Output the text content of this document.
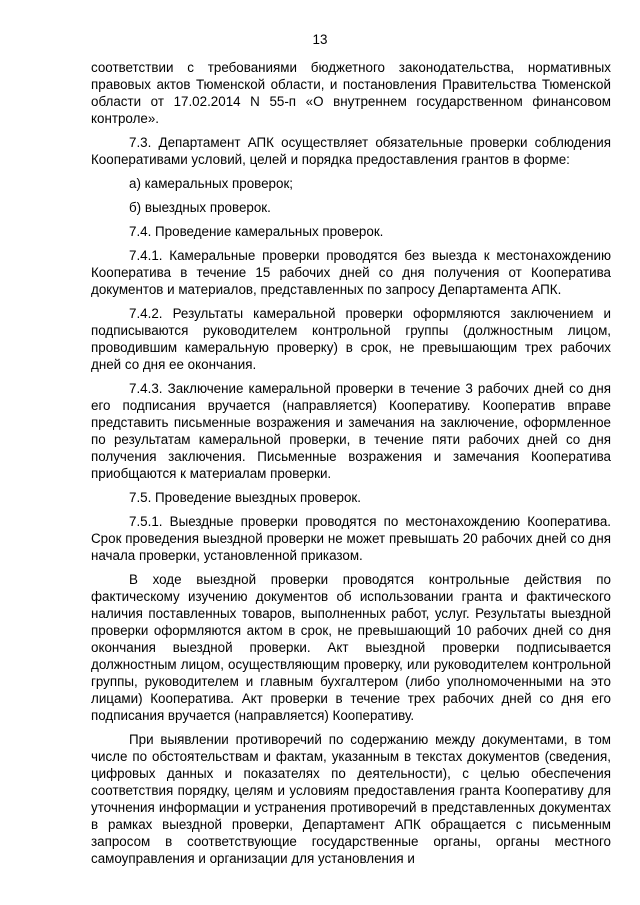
13

соответствии с требованиями бюджетного законодательства, нормативных правовых актов Тюменской области, и постановления Правительства Тюменской области от 17.02.2014 N 55-п «О внутреннем государственном финансовом контроле».

7.3. Департамент АПК осуществляет обязательные проверки соблюдения Кооперативами условий, целей и порядка предоставления грантов в форме:

а) камеральных проверок;

б) выездных проверок.

7.4. Проведение камеральных проверок.

7.4.1. Камеральные проверки проводятся без выезда к местонахождению Кооператива в течение 15 рабочих дней со дня получения от Кооператива документов и материалов, представленных по запросу Департамента АПК.

7.4.2. Результаты камеральной проверки оформляются заключением и подписываются руководителем контрольной группы (должностным лицом, проводившим камеральную проверку) в срок, не превышающим трех рабочих дней со дня ее окончания.

7.4.3. Заключение камеральной проверки в течение 3 рабочих дней со дня его подписания вручается (направляется) Кооперативу. Кооператив вправе представить письменные возражения и замечания на заключение, оформленное по результатам камеральной проверки, в течение пяти рабочих дней со дня получения заключения. Письменные возражения и замечания Кооператива приобщаются к материалам проверки.

7.5. Проведение выездных проверок.

7.5.1. Выездные проверки проводятся по местонахождению Кооператива. Срок проведения выездной проверки не может превышать 20 рабочих дней со дня начала проверки, установленной приказом.

В ходе выездной проверки проводятся контрольные действия по фактическому изучению документов об использовании гранта и фактического наличия поставленных товаров, выполненных работ, услуг. Результаты выездной проверки оформляются актом в срок, не превышающий 10 рабочих дней со дня окончания выездной проверки. Акт выездной проверки подписывается должностным лицом, осуществляющим проверку, или руководителем контрольной группы, руководителем и главным бухгалтером (либо уполномоченными на это лицами) Кооператива. Акт проверки в течение трех рабочих дней со дня его подписания вручается (направляется) Кооперативу.

При выявлении противоречий по содержанию между документами, в том числе по обстоятельствам и фактам, указанным в текстах документов (сведения, цифровых данных и показателях по деятельности), с целью обеспечения соответствия порядку, целям и условиям предоставления гранта Кооперативу для уточнения информации и устранения противоречий в представленных документах в рамках выездной проверки, Департамент АПК обращается с письменным запросом в соответствующие государственные органы, органы местного самоуправления и организации для установления и
